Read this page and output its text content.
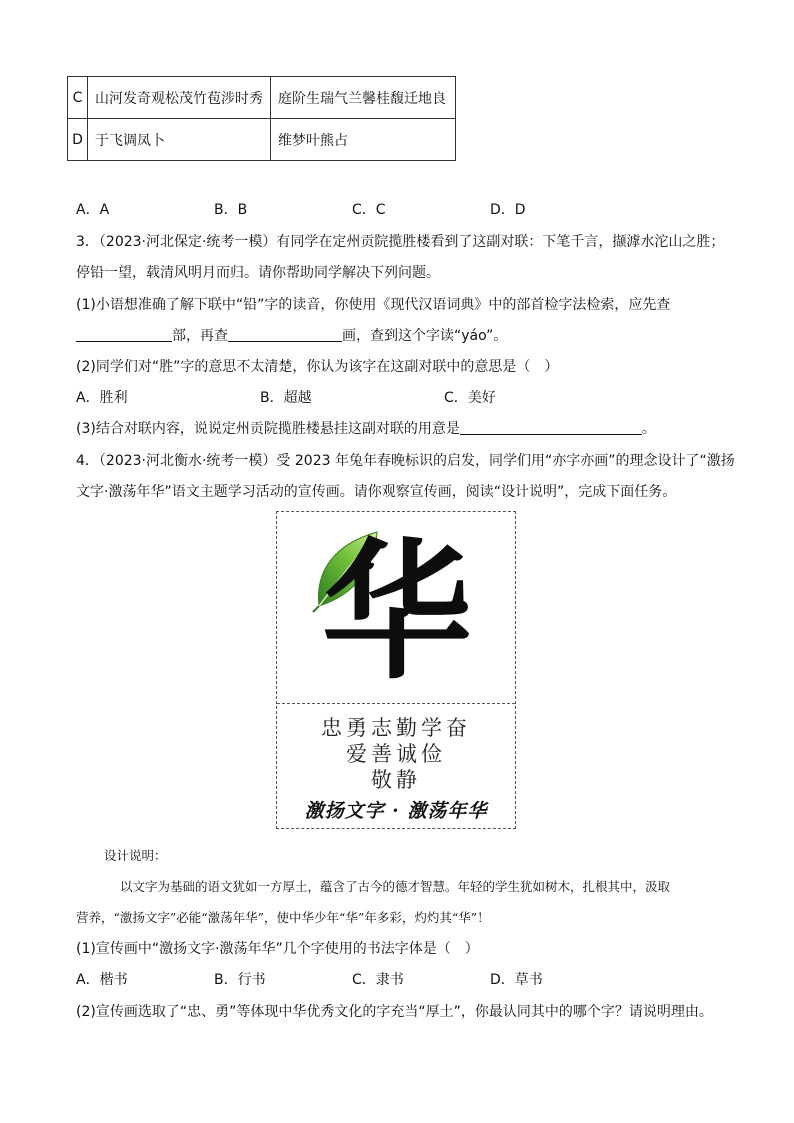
C	山河发奇观松茂竹苞涉时秀	庭阶生瑞气兰馨桂馥迁地良
D	于飞调凤卜	维梦叶熊占
A．A	B．B	C．C	D．D
3．（2023·河北保定·统考一模）有同学在定州贡院揽胜楼看到了这副对联：下笔千言，撷滹水沱山之胜；
停铅一望，载清风明月而归。请你帮助同学解决下列问题。
(1)小语想准确了解下联中“铅”字的读音，你使用《现代汉语词典》中的部首检字法检索，应先查
部，再查	画，查到这个字读“yáo”。
(2)同学们对“胜”字的意思不太清楚，你认为该字在这副对联中的意思是（　）
A．胜利	B．超越	C．美好
(3)结合对联内容，说说定州贡院揽胜楼悬挂这副对联的用意是	。
4．（2023·河北衡水·统考一模）受 2023 年兔年春晚标识的启发，同学们用“亦字亦画”的理念设计了“激扬
文字·激荡年华”语文主题学习活动的宣传画。请你观察宣传画，阅读“设计说明”，完成下面任务。
华
忠勇志勤学奋
爱善诚俭
敬静
激扬文字 · 激荡年华
设计说明：
以文字为基础的语文犹如一方厚土，蕴含了古今的德才智慧。年轻的学生犹如树木，扎根其中，汲取
营养，“激扬文字”必能“激荡年华”，使中华少年“华”年多彩，灼灼其“华”！
(1)宣传画中“激扬文字·激荡年华”几个字使用的书法字体是（　）
A．楷书	B．行书	C．隶书	D．草书
(2)宣传画选取了“忠、勇”等体现中华优秀文化的字充当“厚土”，你最认同其中的哪个字？请说明理由。
